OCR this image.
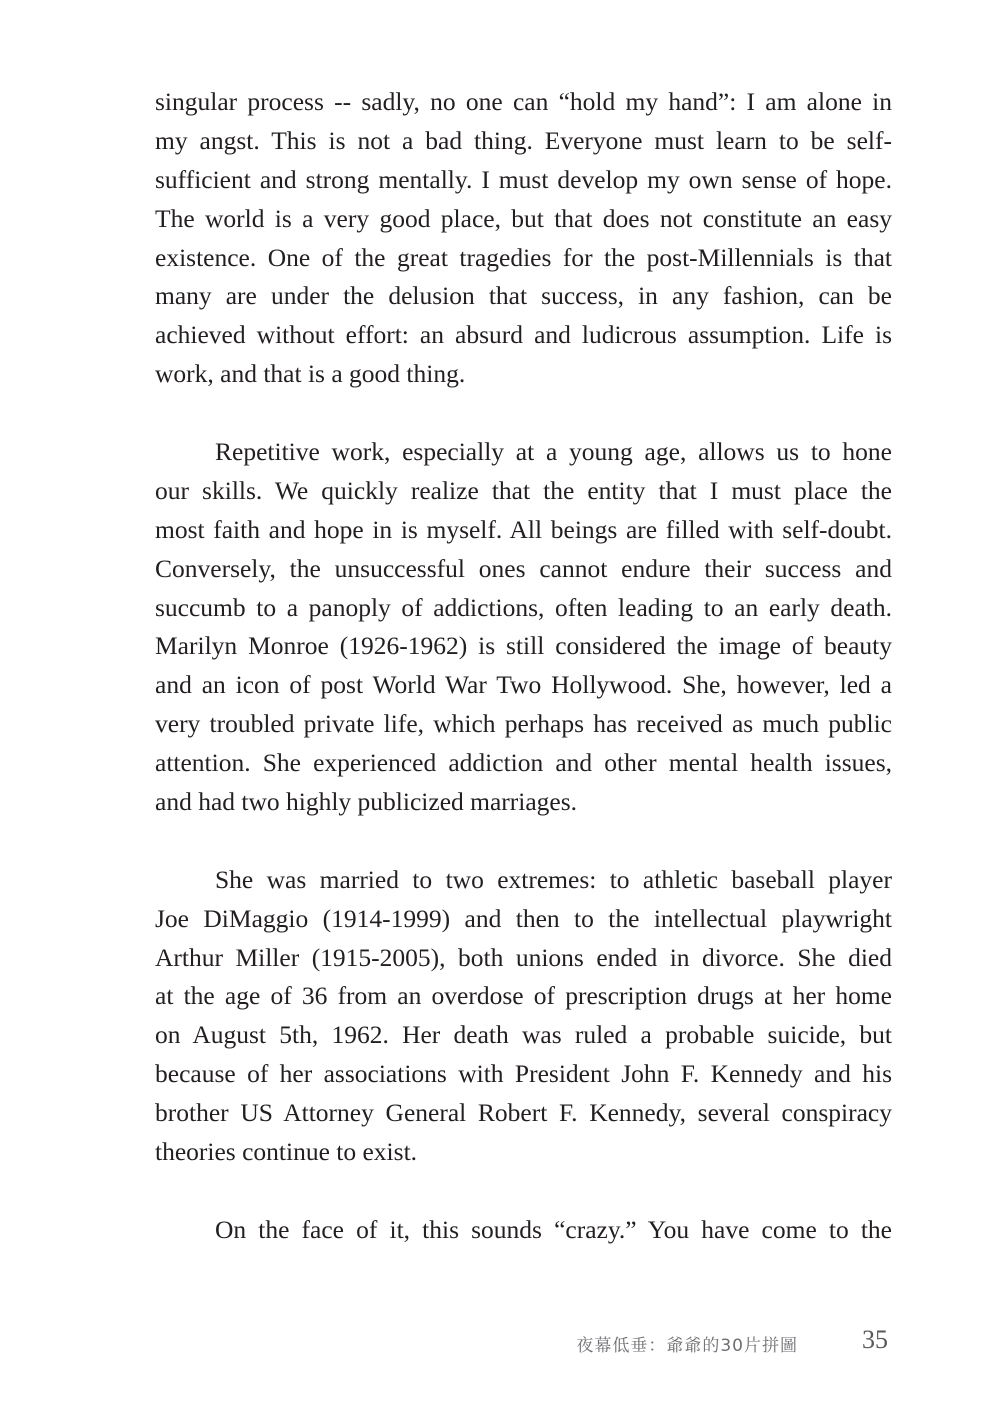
singular process -- sadly, no one can “hold my hand”: I am alone in
my angst. This is not a bad thing. Everyone must learn to be self-
sufficient and strong mentally. I must develop my own sense of hope.
The world is a very good place, but that does not constitute an easy
existence. One of the great tragedies for the post-Millennials is that
many are under the delusion that success, in any fashion, can be
achieved without effort: an absurd and ludicrous assumption. Life is
work, and that is a good thing.
Repetitive work, especially at a young age, allows us to hone
our skills. We quickly realize that the entity that I must place the
most faith and hope in is myself. All beings are filled with self-doubt.
Conversely, the unsuccessful ones cannot endure their success and
succumb to a panoply of addictions, often leading to an early death.
Marilyn Monroe (1926-1962) is still considered the image of beauty
and an icon of post World War Two Hollywood. She, however, led a
very troubled private life, which perhaps has received as much public
attention. She experienced addiction and other mental health issues,
and had two highly publicized marriages.
She was married to two extremes: to athletic baseball player
Joe DiMaggio (1914-1999) and then to the intellectual playwright
Arthur Miller (1915-2005), both unions ended in divorce. She died
at the age of 36 from an overdose of prescription drugs at her home
on August 5th, 1962. Her death was ruled a probable suicide, but
because of her associations with President John F. Kennedy and his
brother US Attorney General Robert F. Kennedy, several conspiracy
theories continue to exist.
On the face of it, this sounds “crazy.” You have come to the
夜幕低垂：爺爺的30片拼圖 35
